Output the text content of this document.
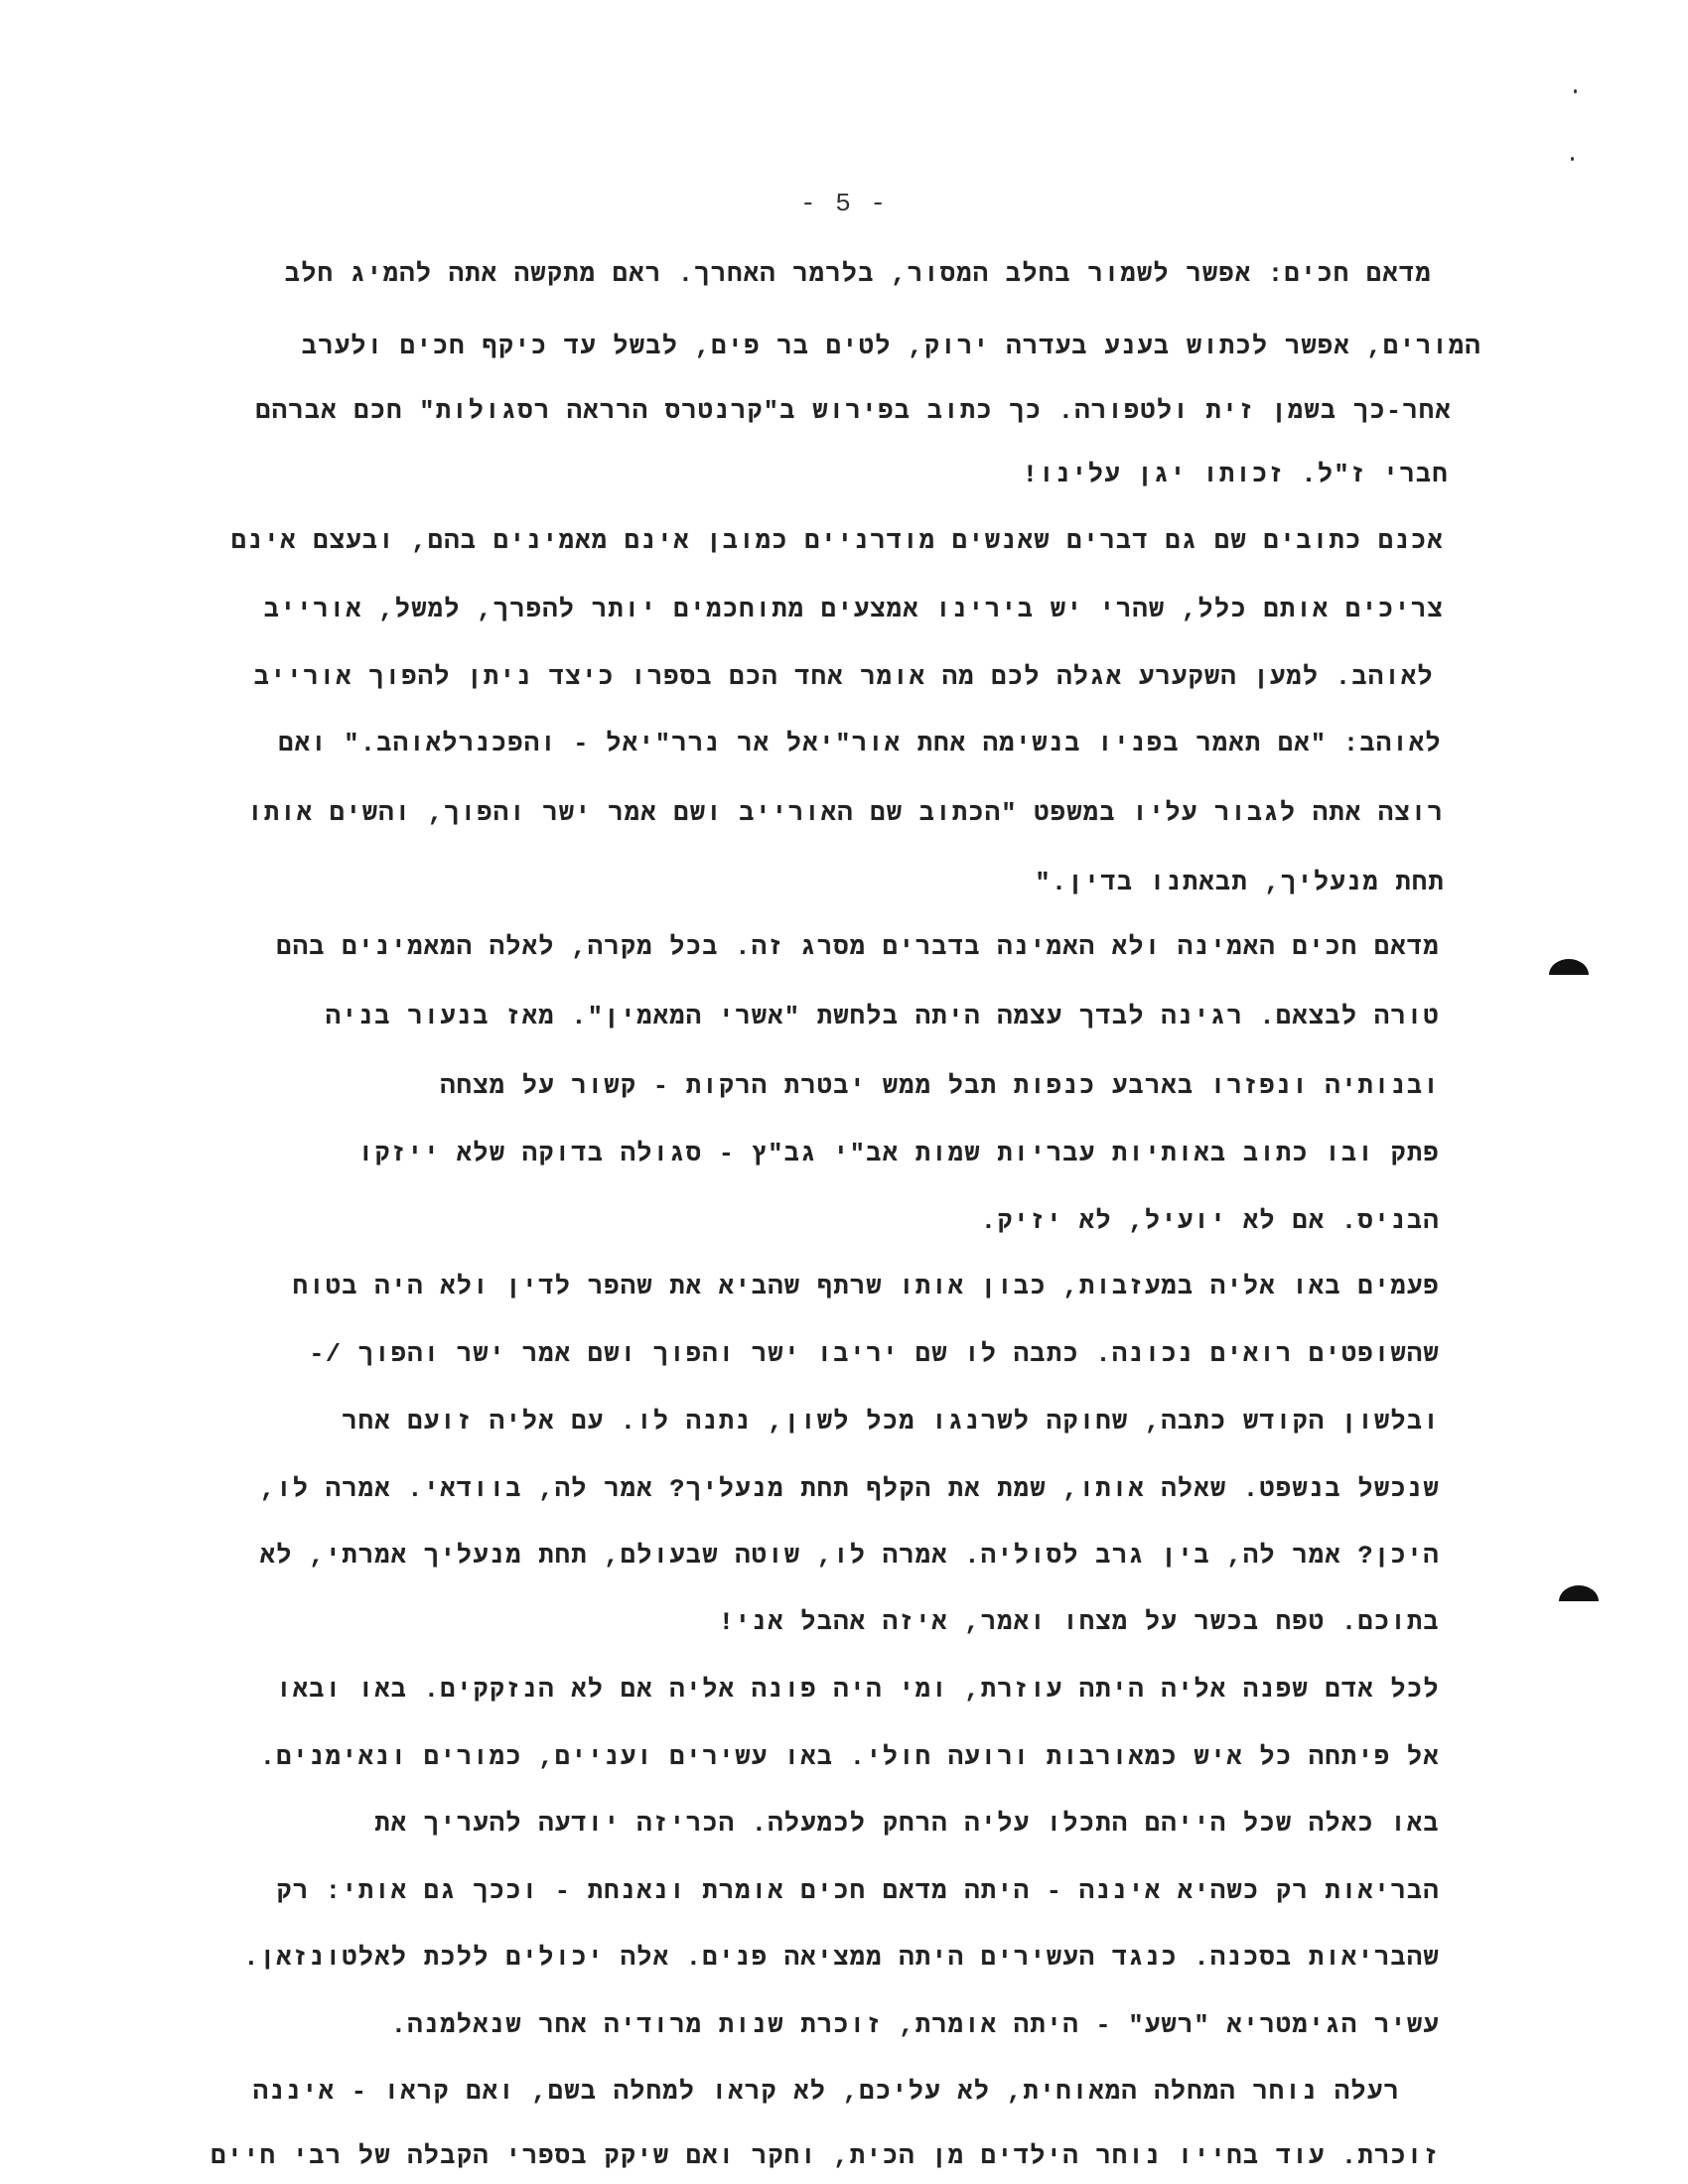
- 5 -
מדאם חכים: אפשר לשמור בחלב המסור, בלרמר האחרך. ראם מתקשה אתה להמיג חלב
המורים, אפשר לכתוש בענע בעדרה ירוק, לטים בר פים, לבשל עד כיקף חכים ולערב
אחר-כך בשמן זית ולטפורה. כך כתוב בפירוש ב"קרנטרס הרראה רסגולות" חכם אברהם
חברי ז"ל. זכותו יגן עלינו!
אכנם כתובים שם גם דברים שאנשים מודרניים כמובן אינם מאמינים בהם, ובעצם אינם
צריכים אותם כלל, שהרי יש בירינו אמצעים מתוחכמים יותר להפרך, למשל, אורייב
לאוהב. למען השקערע אגלה לכם מה אומר אחד הכם בספרו כיצד ניתן להפוך אורייב
לאוהב: "אם תאמר בפניו בנשימה אחת אור"יאל אר נרר"יאל - והפכנרלאוהב." ואם
רוצה אתה לגבור עליו במשפט "הכתוב שם האורייב ושם אמר ישר והפוך, והשים אותו
תחת מנעליך, תבאתנו בדין."
מדאם חכים האמינה ולא האמינה בדברים מסרג זה. בכל מקרה, לאלה המאמינים בהם
טורה לבצאם. רגינה לבדך עצמה היתה בלחשת "אשרי המאמין". מאז בנעור בניה
ובנותיה ונפזרו בארבע כנפות תבל ממש יבטרת הרקות - קשור על מצחה
פתק ובו כתוב באותיות עבריות שמות אב"י גב"ץ - סגולה בדוקה שלא ייזקו
הבניס. אם לא יועיל, לא יזיק.
פעמים באו אליה במעזבות, כבון אותו שרתף שהביא את שהפר לדין ולא היה בטוח
שהשופטים רואים נכונה. כתבה לו שם יריבו ישר והפוך ושם אמר ישר והפוך /-
ובלשון הקודש כתבה, שחוקה לשרנגו מכל לשון, נתנה לו. עם אליה זועם אחר
שנכשל בנשפט. שאלה אותו, שמת את הקלף תחת מנעליך? אמר לה, בוודאי. אמרה לו,
היכן? אמר לה, בין גרב לסוליה. אמרה לו, שוטה שבעולם, תחת מנעליך אמרתי, לא
בתוכם. טפח בכשר על מצחו ואמר, איזה אהבל אני!
לכל אדם שפנה אליה היתה עוזרת, ומי היה פונה אליה אם לא הנזקקים. באו ובאו
אל פיתחה כל איש כמאורבות ורועה חולי. באו עשירים ועניים, כמורים ונאימנים.
באו כאלה שכל הייהם התכלו עליה הרחק לכמעלה. הכריזה יודעה להעריך את
הבריאות רק כשהיא איננה - היתה מדאם חכים אומרת ונאנחת - וככך גם אותי: רק
שהבריאות בסכנה. כנגד העשירים היתה ממציאה פנים. אלה יכולים ללכת לאלטונזאן.
עשיר הגימטריא "רשע" - היתה אומרת, זוכרת שנות מרודיה אחר שנאלמנה.
רעלה נוחר המחלה המאוחית, לא עליכם, לא קראו למחלה בשם, ואם קראו - איננה
זוכרת. עוד בחייו נוחר הילדים מן הכית, וחקר ואם שיקק בספרי הקבלה של רבי חיים
